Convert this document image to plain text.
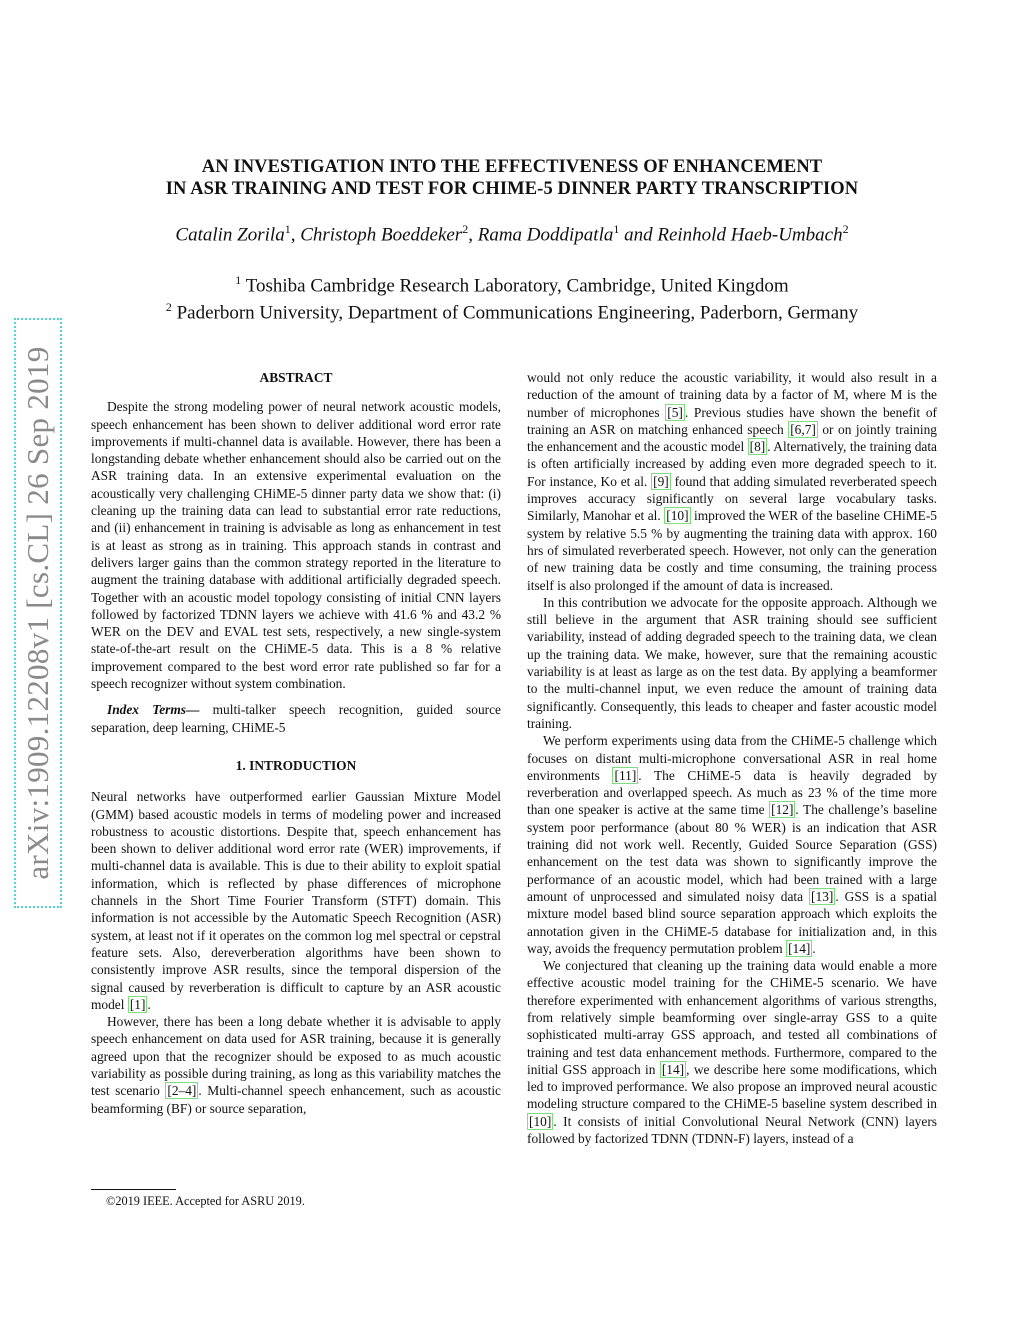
AN INVESTIGATION INTO THE EFFECTIVENESS OF ENHANCEMENT
IN ASR TRAINING AND TEST FOR CHIME-5 DINNER PARTY TRANSCRIPTION
Catalin Zorila$^1$, Christoph Boeddeker$^2$, Rama Doddipatla$^1$ and Reinhold Haeb-Umbach$^2$
$^1$ Toshiba Cambridge Research Laboratory, Cambridge, United Kingdom
$^2$ Paderborn University, Department of Communications Engineering, Paderborn, Germany
arXiv:1909.12208v1 [cs.CL] 26 Sep 2019	ABSTRACT

Despite the strong modeling power of neural network acoustic models, speech enhancement has been shown to deliver additional word error rate improvements if multi-channel data is available. However, there has been a longstanding debate whether enhancement should also be carried out on the ASR training data. In an extensive experimental evaluation on the acoustically very challenging CHiME-5 dinner party data we show that: (i) cleaning up the training data can lead to substantial error rate reductions, and (ii) enhancement in training is advisable as long as enhancement in test is at least as strong as in training. This approach stands in contrast and delivers larger gains than the common strategy reported in the literature to augment the training database with additional artificially degraded speech. Together with an acoustic model topology consisting of initial CNN layers followed by factorized TDNN layers we achieve with 41.6 % and 43.2 % WER on the DEV and EVAL test sets, respectively, a new single-system state-of-the-art result on the CHiME-5 data. This is a 8 % relative improvement compared to the best word error rate published so far for a speech recognizer without system combination.

Index Terms— multi-talker speech recognition, guided source separation, deep learning, CHiME-5

1. INTRODUCTION

Neural networks have outperformed earlier Gaussian Mixture Model (GMM) based acoustic models in terms of modeling power and increased robustness to acoustic distortions. Despite that, speech enhancement has been shown to deliver additional word error rate (WER) improvements, if multi-channel data is available. This is due to their ability to exploit spatial information, which is reflected by phase differences of microphone channels in the Short Time Fourier Transform (STFT) domain. This information is not accessible by the Automatic Speech Recognition (ASR) system, at least not if it operates on the common log mel spectral or cepstral feature sets. Also, dereverberation algorithms have been shown to consistently improve ASR results, since the temporal dispersion of the signal caused by reverberation is difficult to capture by an ASR acoustic model [1] .

However, there has been a long debate whether it is advisable to apply speech enhancement on data used for ASR training, because it is generally agreed upon that the recognizer should be exposed to as much acoustic variability as possible during training, as long as this variability matches the test scenario [2–4] . Multi-channel speech enhancement, such as acoustic beamforming (BF) or source separation,

would not only reduce the acoustic variability, it would also result in a reduction of the amount of training data by a factor of M, where M is the number of microphones [5] . Previous studies have shown the benefit of training an ASR on matching enhanced speech [6,7] or on jointly training the enhancement and the acoustic model [8] . Alternatively, the training data is often artificially increased by adding even more degraded speech to it. For instance, Ko et al. [9] found that adding simulated reverberated speech improves accuracy significantly on several large vocabulary tasks. Similarly, Manohar et al. [10] improved the WER of the baseline CHiME-5 system by relative 5.5 % by augmenting the training data with approx. 160 hrs of simulated reverberated speech. However, not only can the generation of new training data be costly and time consuming, the training process itself is also prolonged if the amount of data is increased.

In this contribution we advocate for the opposite approach. Although we still believe in the argument that ASR training should see sufficient variability, instead of adding degraded speech to the training data, we clean up the training data. We make, however, sure that the remaining acoustic variability is at least as large as on the test data. By applying a beamformer to the multi-channel input, we even reduce the amount of training data significantly. Consequently, this leads to cheaper and faster acoustic model training.

We perform experiments using data from the CHiME-5 challenge which focuses on distant multi-microphone conversational ASR in real home environments [11] . The CHiME-5 data is heavily degraded by reverberation and overlapped speech. As much as 23 % of the time more than one speaker is active at the same time [12] . The challenge’s baseline system poor performance (about 80 % WER) is an indication that ASR training did not work well. Recently, Guided Source Separation (GSS) enhancement on the test data was shown to significantly improve the performance of an acoustic model, which had been trained with a large amount of unprocessed and simulated noisy data [13] . GSS is a spatial mixture model based blind source separation approach which exploits the annotation given in the CHiME-5 database for initialization and, in this way, avoids the frequency permutation problem [14] .

We conjectured that cleaning up the training data would enable a more effective acoustic model training for the CHiME-5 scenario. We have therefore experimented with enhancement algorithms of various strengths, from relatively simple beamforming over single-array GSS to a quite sophisticated multi-array GSS approach, and tested all combinations of training and test data enhancement methods. Furthermore, compared to the initial GSS approach in [14] , we describe here some modifications, which led to improved performance. We also propose an improved neural acoustic modeling structure compared to the CHiME-5 baseline system described in [10] . It consists of initial Convolutional Neural Network (CNN) layers followed by factorized TDNN (TDNN-F) layers, instead of a

©2019 IEEE. Accepted for ASRU 2019.
